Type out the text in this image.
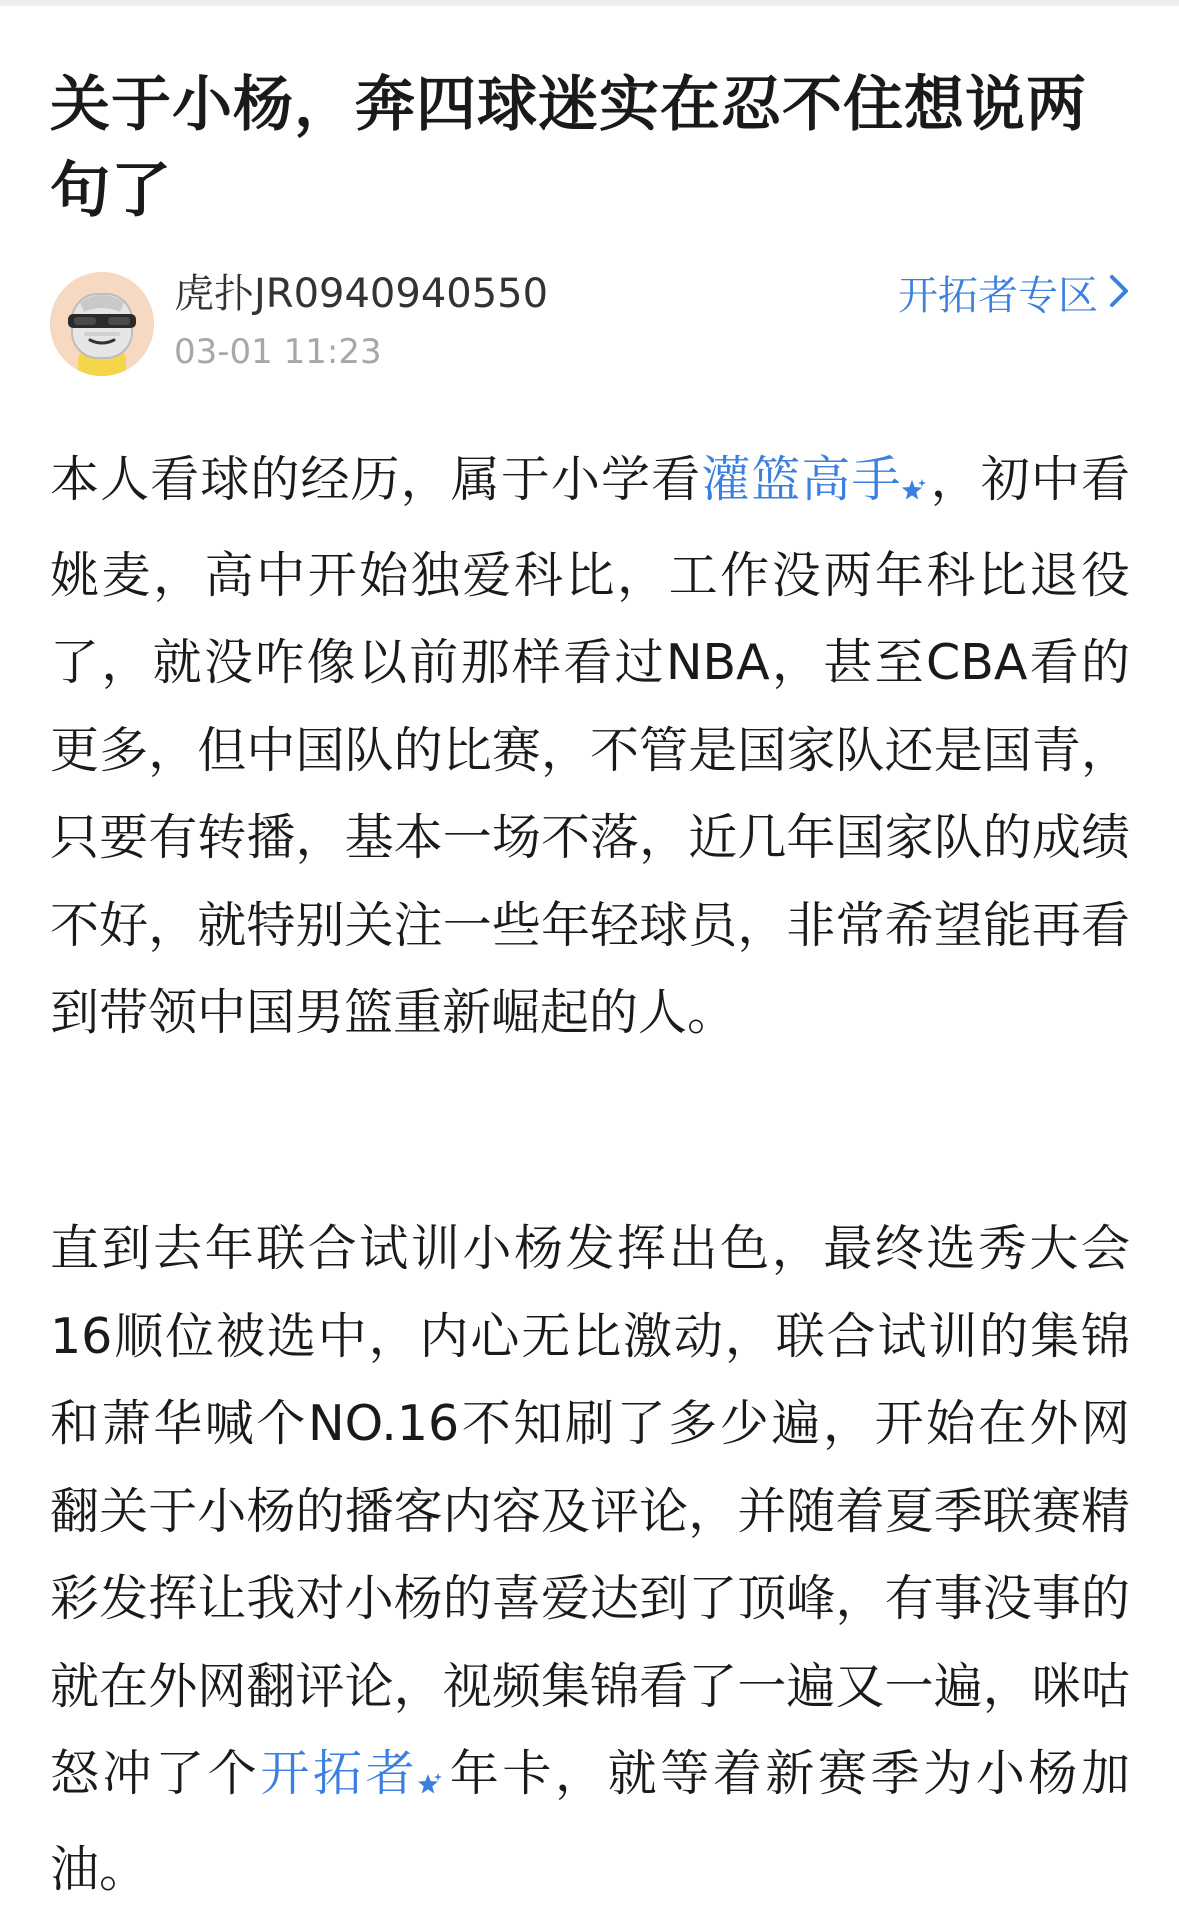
关于小杨，奔四球迷实在忍不住想说两句了
虎扑JR0940940550
03-01 11:23
开拓者专区

本人看球的经历，属于小学看灌篮高手 ，初中看姚麦，高中开始独爱科比，工作没两年科比退役了，就没咋像以前那样看过NBA，甚至CBA看的更多，但中国队的比赛，不管是国家队还是国青，只要有转播，基本一场不落，近几年国家队的成绩不好，就特别关注一些年轻球员，非常希望能再看到带领中国男篮重新崛起的人。

直到去年联合试训小杨发挥出色，最终选秀大会16顺位被选中，内心无比激动，联合试训的集锦和萧华喊个NO.16不知刷了多少遍，开始在外网翻关于小杨的播客内容及评论，并随着夏季联赛精彩发挥让我对小杨的喜爱达到了顶峰，有事没事的就在外网翻评论，视频集锦看了一遍又一遍，咪咕怒冲了个开拓者 年卡，就等着新赛季为小杨加油。
